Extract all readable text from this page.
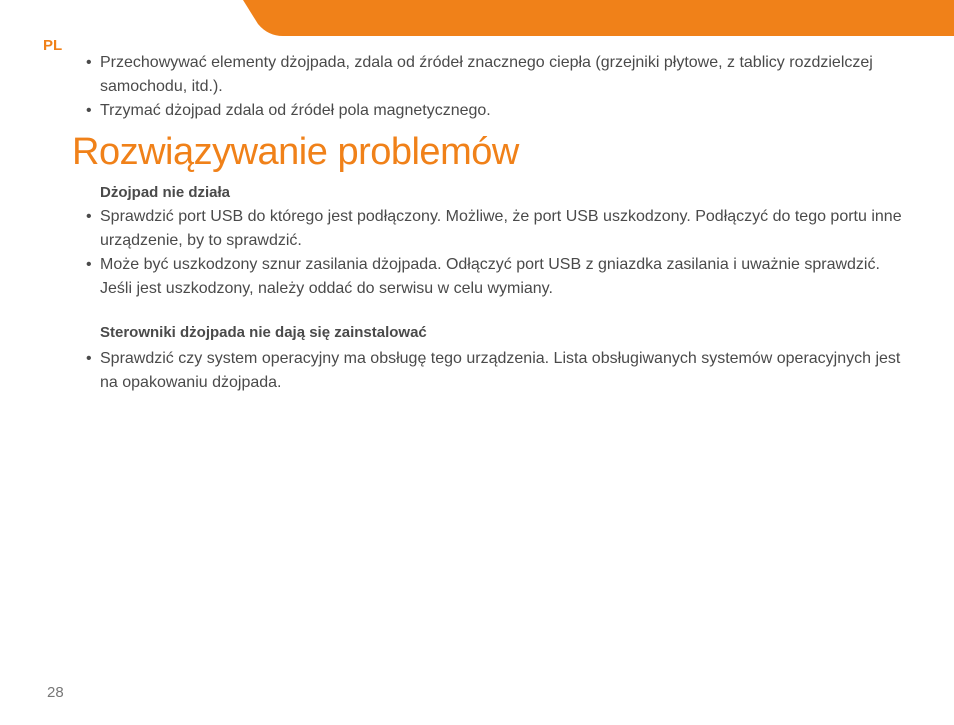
PL
• Przechowywać elementy dżojpada, zdala od źródeł znacznego ciepła (grzejniki płytowe, z tablicy rozdzielczej samochodu, itd.).
• Trzymać dżojpad zdala od źródeł pola magnetycznego.
Rozwiązywanie problemów
Dżojpad nie działa
• Sprawdzić port USB do którego jest podłączony. Możliwe, że port USB uszkodzony. Podłączyć do tego portu inne urządzenie, by to sprawdzić.
• Może być uszkodzony sznur zasilania dżojpada. Odłączyć port USB z gniazdka zasilania i uważnie sprawdzić. Jeśli jest uszkodzony, należy oddać do serwisu w celu wymiany.
Sterowniki dżojpada nie dają się zainstalować
• Sprawdzić czy system operacyjny ma obsługę tego urządzenia. Lista obsługiwanych systemów operacyjnych jest na opakowaniu dżojpada.
28
